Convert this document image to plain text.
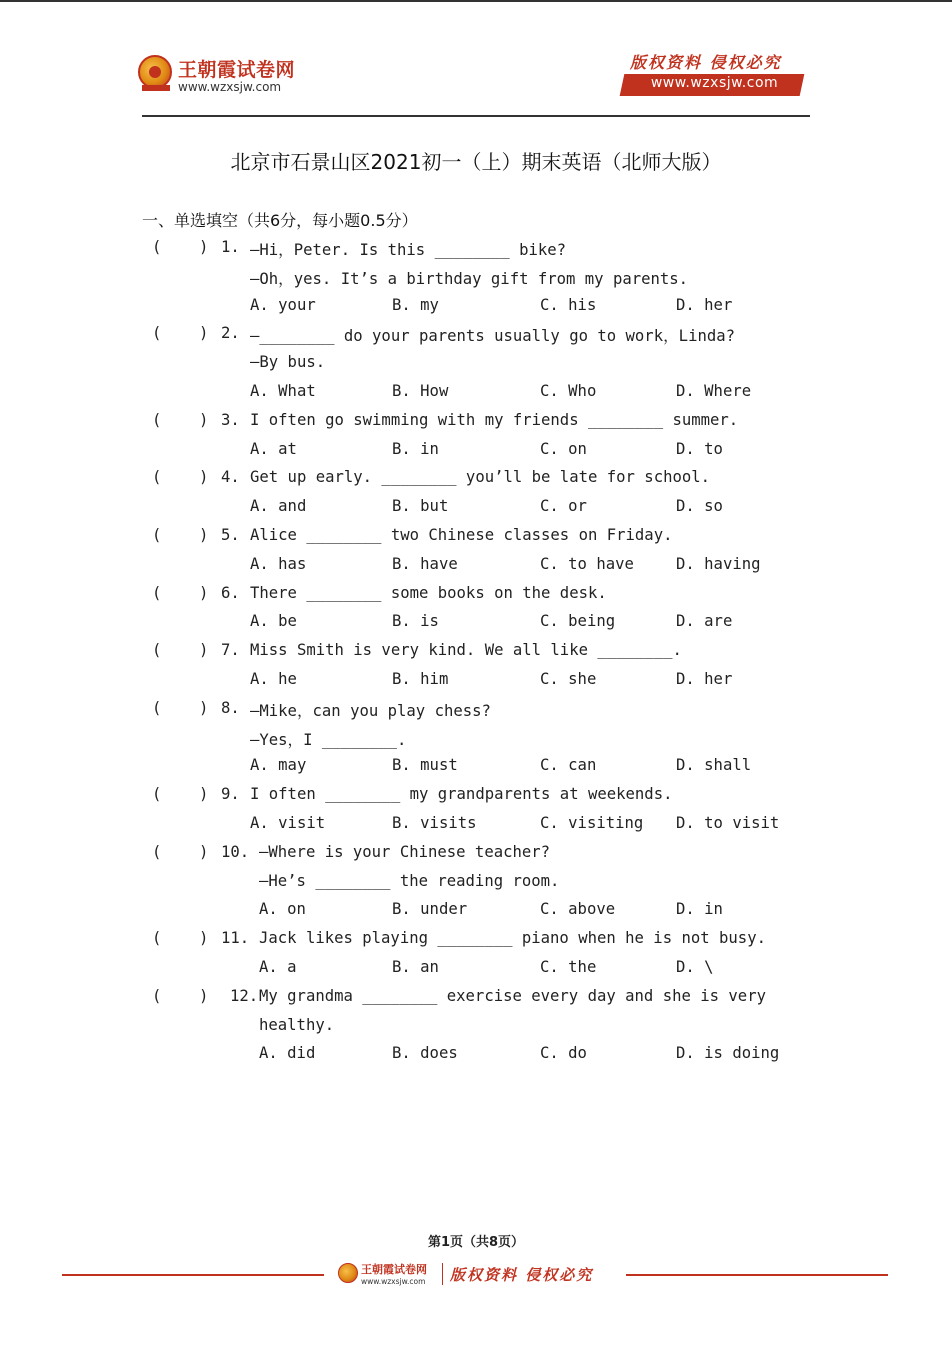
王朝霞试卷网
www.wzxsjw.com
版权资料 侵权必究
www.wzxsjw.com
北京市石景山区2021初一（上）期末英语（北师大版）
一、单选填空（共6分，每小题0.5分）
(    ) 1. —Hi，Peter. Is this ________ bike?
—Oh，yes. It’s a birthday gift from my parents.
A. your	B. my	C. his	D. her
(    ) 2. —________ do your parents usually go to work，Linda?
—By bus.
A. What	B. How	C. Who	D. Where
(    ) 3. I often go swimming with my friends ________ summer.
A. at	B. in	C. on	D. to
(    ) 4. Get up early. ________ you’ll be late for school.
A. and	B. but	C. or	D. so
(    ) 5. Alice ________ two Chinese classes on Friday.
A. has	B. have	C. to have	D. having
(    ) 6. There ________ some books on the desk.
A. be	B. is	C. being	D. are
(    ) 7. Miss Smith is very kind. We all like ________.
A. he	B. him	C. she	D. her
(    ) 8. —Mike，can you play chess?
—Yes，I ________.
A. may	B. must	C. can	D. shall
(    ) 9. I often ________ my grandparents at weekends.
A. visit	B. visits	C. visiting D. to visit
(    ) 10. —Where is your Chinese teacher?
—He’s ________ the reading room.
A. on	B. under	C. above	D. in
(    ) 11. Jack likes playing ________ piano when he is not busy.
A. a	B. an	C. the	D. \
(    ) 12. My grandma ________ exercise every day and she is very
healthy.
A. did	B. does	C. do	D. is doing
第1页（共8页）
王朝霞试卷网
www.wzxsjw.com 版权资料 侵权必究
